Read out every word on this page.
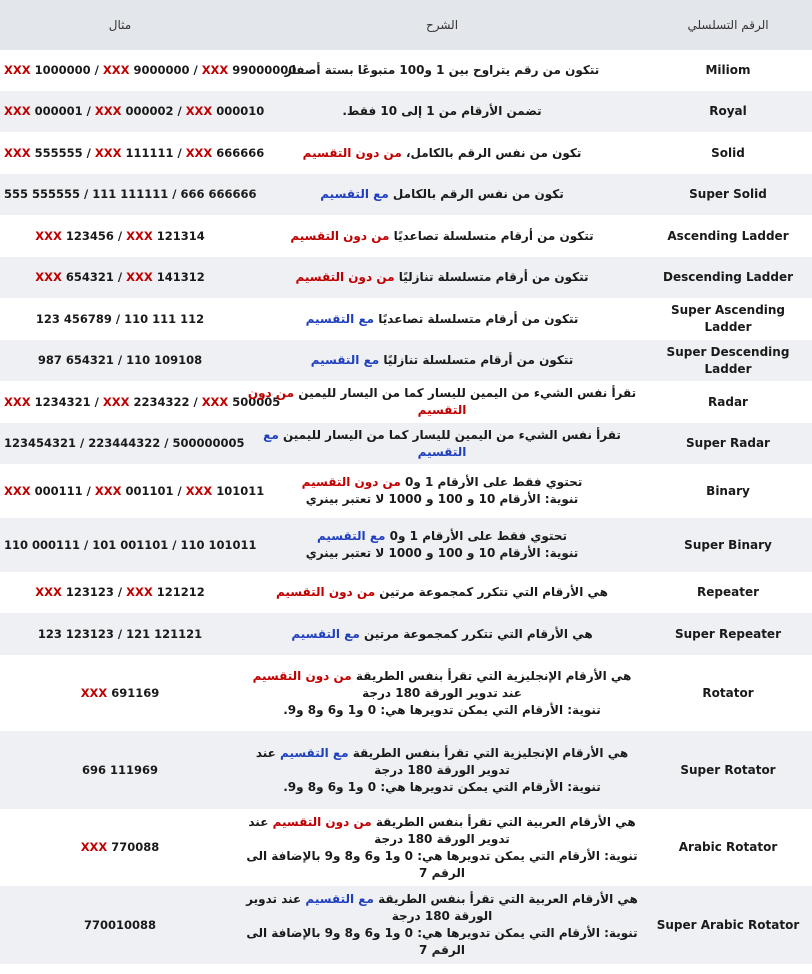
مثال	الشرح	الرقم التسلسلي
XXX 1000000 / XXX 9000000 / XXX 99000000	تتكون من رقم يتراوح بين 1 و100 متبوعًا بستة أصفار	Miliom
XXX 000001 / XXX 000002 / XXX 000010	تضمن الأرقام من 1 إلى 10 فقط.	Royal
XXX 555555 / XXX 111111 / XXX 666666	تكون من نفس الرقم بالكامل، من دون التقسيم	Solid
555 555555 / 111 111111 / 666 666666	تكون من نفس الرقم بالكامل مع التقسيم	Super Solid
XXX 123456 / XXX 121314	تتكون من أرقام متسلسلة تصاعديًا من دون التقسيم	Ascending Ladder
XXX 654321 / XXX 141312	تتكون من أرقام متسلسلة تنازليًا من دون التقسيم	Descending Ladder
123 456789 / 110 111 112	تتكون من أرقام متسلسلة تصاعديًا مع التقسيم	Super Ascending Ladder
987 654321 / 110 109108	تتكون من أرقام متسلسلة تنازليًا مع التقسيم	Super Descending Ladder
XXX 1234321 / XXX 2234322 / XXX 500005	تقرأ نفس الشيء من اليمين لليسار كما من اليسار لليمين من دون التقسيم	Radar
123454321 / 223444322 / 500000005	تقرأ نفس الشيء من اليمين لليسار كما من اليسار لليمين مع التقسيم	Super Radar
XXX 000111 / XXX 001101 / XXX 101011	تحتوي فقط على الأرقام 1 و0 من دون التقسيم
تنوية: الأرقام 10 و 100 و 1000 لا تعتبر بينري	Binary
110 000111 / 101 001101 / 110 101011	تحتوي فقط على الأرقام 1 و0 مع التقسيم
تنوية: الأرقام 10 و 100 و 1000 لا تعتبر بينري	Super Binary
XXX 123123 / XXX 121212	هي الأرقام التي تتكرر كمجموعة مرتين من دون التقسيم	Repeater
123 123123 / 121 121121	هي الأرقام التي تتكرر كمجموعة مرتين مع التقسيم	Super Repeater
XXX 691169	هي الأرقام الإنجليزية التي تقرأ بنفس الطريقة من دون التقسيم عند تدوير الورقة 180 درجة
تنوية: الأرقام التي يمكن تدويرها هي: 0 و1 و6 و8 و9.	Rotator
696 111969	هي الأرقام الإنجليزية التي تقرأ بنفس الطريقة مع التقسيم عند تدوير الورقة 180 درجة
تنوية: الأرقام التي يمكن تدويرها هي: 0 و1 و6 و8 و9.	Super Rotator
XXX 770088	هي الأرقام العربية التي تقرأ بنفس الطريقة من دون التقسيم عند تدوير الورقة 180 درجة
تنوية: الأرقام التي يمكن تدويرها هي: 0 و1 و6 و8 و9 بالإضافة الى الرقم 7	Arabic Rotator
770010088	هي الأرقام العربية التي تقرأ بنفس الطريقة مع التقسيم عند تدوير الورقة 180 درجة
تنوية: الأرقام التي يمكن تدويرها هي: 0 و1 و6 و8 و9 بالإضافة الى الرقم 7	Super Arabic Rotator
